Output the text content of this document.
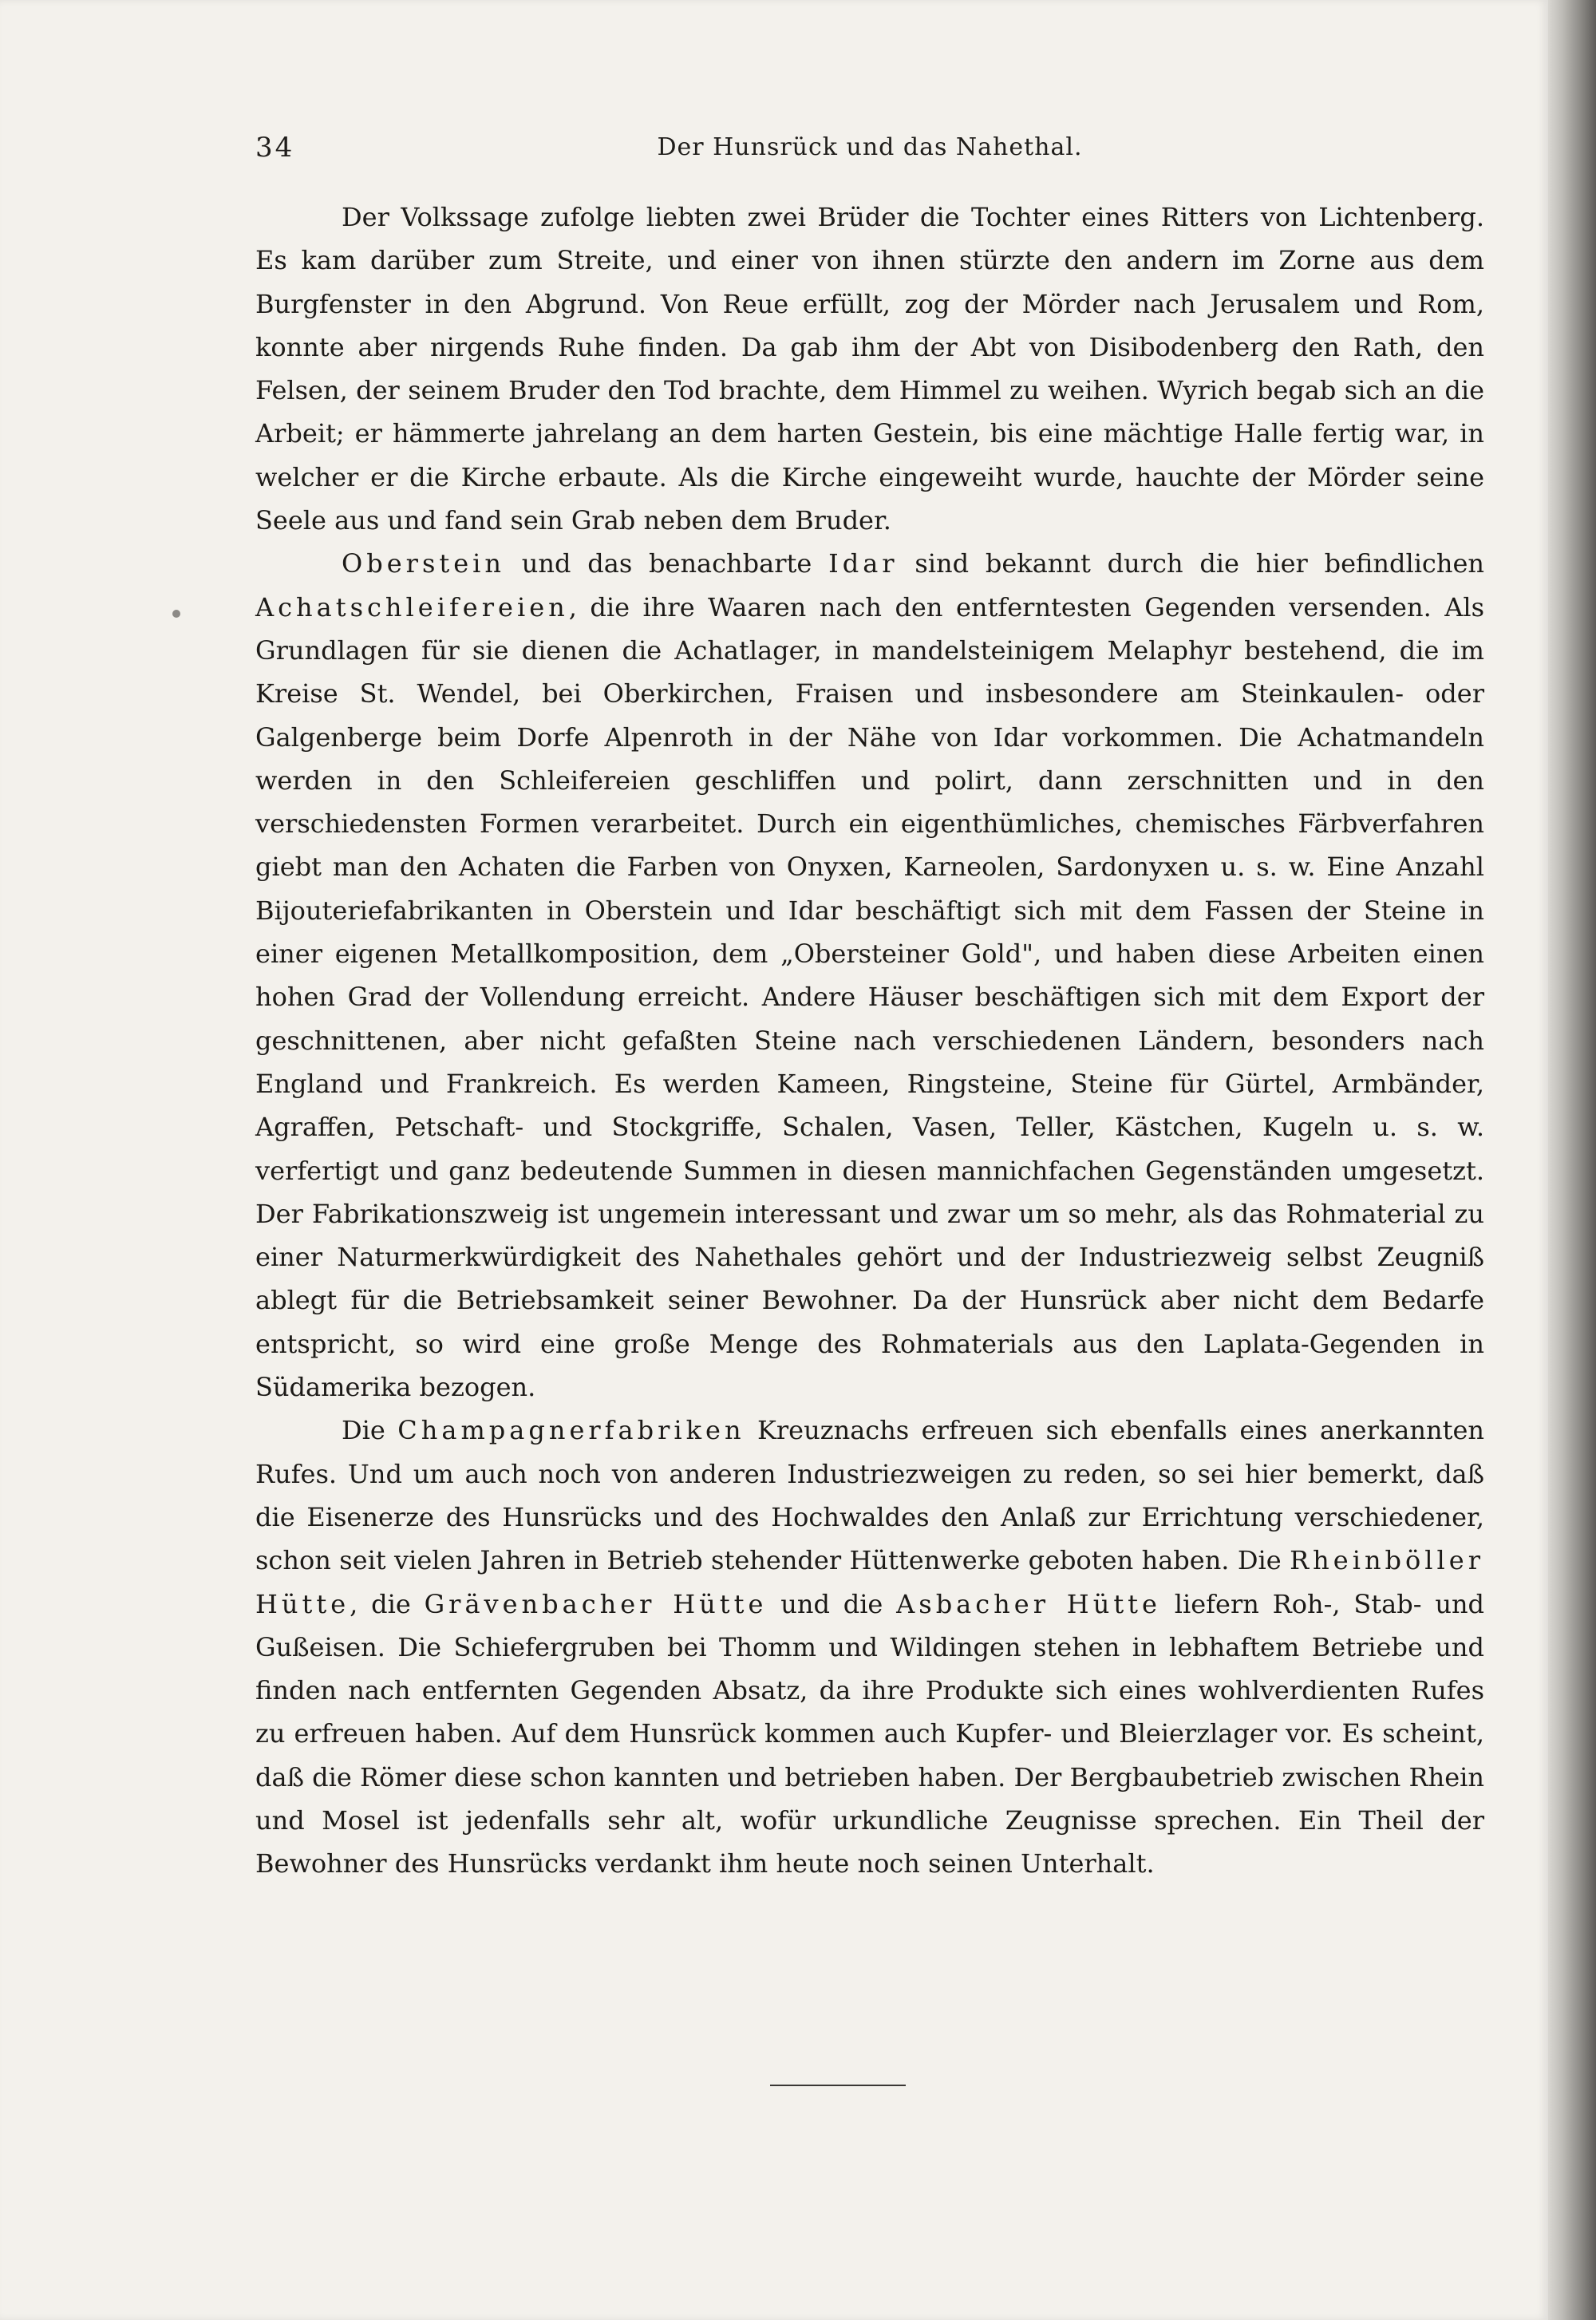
34	Der Hunsrück und das Nahethal.

Der Volkssage zufolge liebten zwei Brüder die Tochter eines Ritters von Lichtenberg. Es kam darüber zum Streite, und einer von ihnen stürzte den andern im Zorne aus dem Burgfenster in den Abgrund. Von Reue erfüllt, zog der Mörder nach Jerusalem und Rom, konnte aber nirgends Ruhe finden. Da gab ihm der Abt von Disibodenberg den Rath, den Felsen, der seinem Bruder den Tod brachte, dem Himmel zu weihen. Wyrich begab sich an die Arbeit; er hämmerte jahrelang an dem harten Gestein, bis eine mächtige Halle fertig war, in welcher er die Kirche erbaute. Als die Kirche eingeweiht wurde, hauchte der Mörder seine Seele aus und fand sein Grab neben dem Bruder.

Oberstein und das benachbarte Idar sind bekannt durch die hier befindlichen Achatschleifereien, die ihre Waaren nach den entferntesten Gegenden versenden. Als Grundlagen für sie dienen die Achatlager, in mandelsteinigem Melaphyr bestehend, die im Kreise St. Wendel, bei Oberkirchen, Fraisen und insbesondere am Steinkaulen- oder Galgenberge beim Dorfe Alpenroth in der Nähe von Idar vorkommen. Die Achatmandeln werden in den Schleifereien geschliffen und polirt, dann zerschnitten und in den verschiedensten Formen verarbeitet. Durch ein eigenthümliches, chemisches Färbverfahren giebt man den Achaten die Farben von Onyxen, Karneolen, Sardonyxen u. s. w. Eine Anzahl Bijouteriefabrikanten in Oberstein und Idar beschäftigt sich mit dem Fassen der Steine in einer eigenen Metallkomposition, dem „Obersteiner Gold", und haben diese Arbeiten einen hohen Grad der Vollendung erreicht. Andere Häuser beschäftigen sich mit dem Export der geschnittenen, aber nicht gefaßten Steine nach verschiedenen Ländern, besonders nach England und Frankreich. Es werden Kameen, Ringsteine, Steine für Gürtel, Armbänder, Agraffen, Petschaft- und Stockgriffe, Schalen, Vasen, Teller, Kästchen, Kugeln u. s. w. verfertigt und ganz bedeutende Summen in diesen mannichfachen Gegenständen umgesetzt. Der Fabrikationszweig ist ungemein interessant und zwar um so mehr, als das Rohmaterial zu einer Naturmerkwürdigkeit des Nahethales gehört und der Industriezweig selbst Zeugniß ablegt für die Betriebsamkeit seiner Bewohner. Da der Hunsrück aber nicht dem Bedarfe entspricht, so wird eine große Menge des Rohmaterials aus den Laplata-Gegenden in Südamerika bezogen.

Die Champagnerfabriken Kreuznachs erfreuen sich ebenfalls eines anerkannten Rufes. Und um auch noch von anderen Industriezweigen zu reden, so sei hier bemerkt, daß die Eisenerze des Hunsrücks und des Hochwaldes den Anlaß zur Errichtung verschiedener, schon seit vielen Jahren in Betrieb stehender Hüttenwerke geboten haben. Die Rheinböller Hütte, die Grävenbacher Hütte und die Asbacher Hütte liefern Roh-, Stab- und Gußeisen. Die Schiefergruben bei Thomm und Wildingen stehen in lebhaftem Betriebe und finden nach entfernten Gegenden Absatz, da ihre Produkte sich eines wohlverdienten Rufes zu erfreuen haben. Auf dem Hunsrück kommen auch Kupfer- und Bleierzlager vor. Es scheint, daß die Römer diese schon kannten und betrieben haben. Der Bergbaubetrieb zwischen Rhein und Mosel ist jedenfalls sehr alt, wofür urkundliche Zeugnisse sprechen. Ein Theil der Bewohner des Hunsrücks verdankt ihm heute noch seinen Unterhalt.
